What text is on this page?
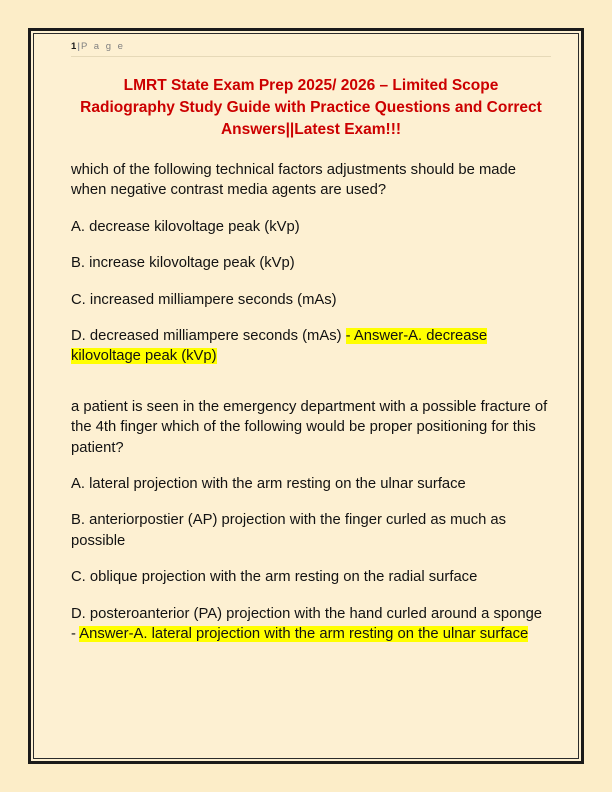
1|P a g e
LMRT State Exam Prep 2025/ 2026 – Limited Scope Radiography Study Guide with Practice Questions and Correct Answers||Latest Exam!!!

which of the following technical factors adjustments should be made when negative contrast media agents are used?

A. decrease kilovoltage peak (kVp)

B. increase kilovoltage peak (kVp)

C. increased milliampere seconds (mAs)

D. decreased milliampere seconds (mAs) - Answer-A. decrease kilovoltage peak (kVp)

a patient is seen in the emergency department with a possible fracture of the 4th finger which of the following would be proper positioning for this patient?

A. lateral projection with the arm resting on the ulnar surface

B. anteriorpostier (AP) projection with the finger curled as much as possible

C. oblique projection with the arm resting on the radial surface

D. posteroanterior (PA) projection with the hand curled around a sponge - Answer-A. lateral projection with the arm resting on the ulnar surface
